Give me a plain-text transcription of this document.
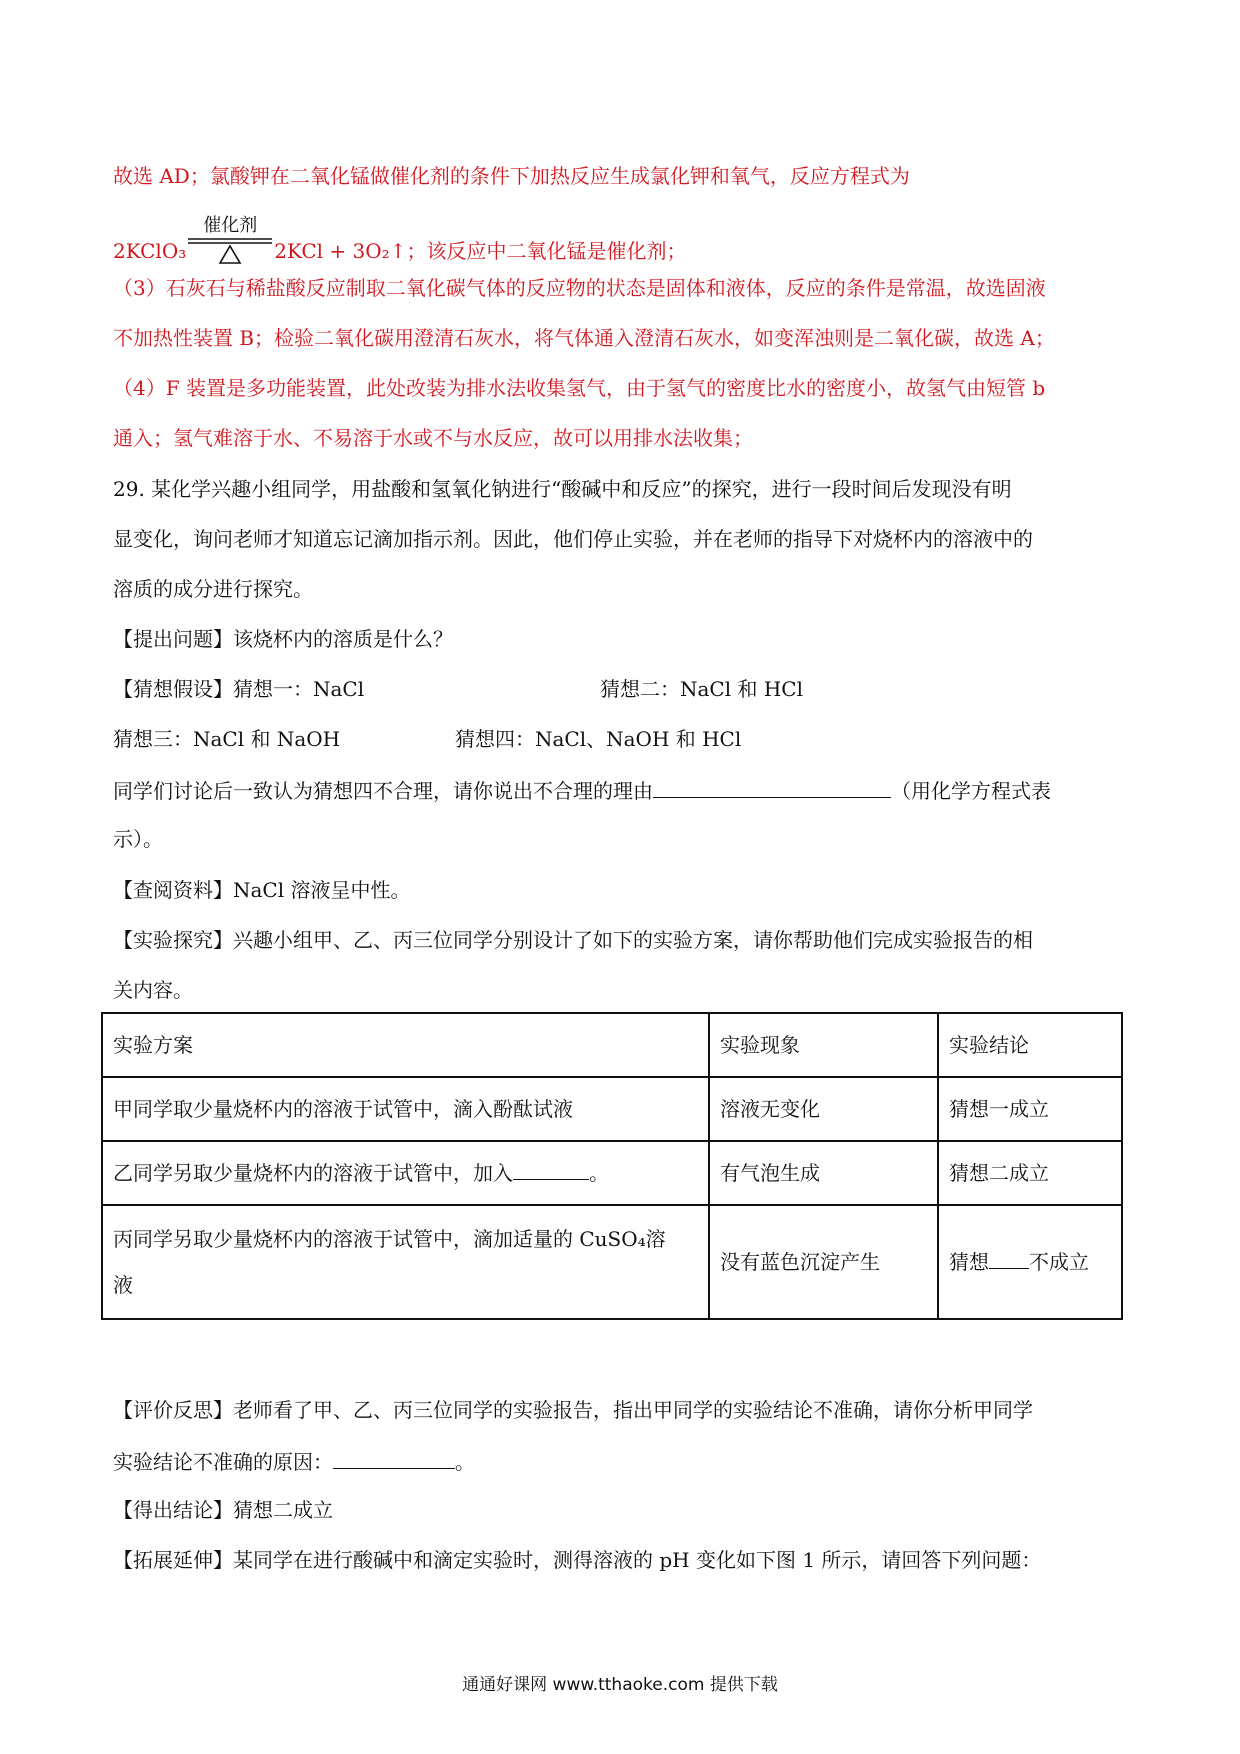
故选 AD；氯酸钾在二氧化锰做催化剂的条件下加热反应生成氯化钾和氧气，反应方程式为
2KClO₃
催化剂
2KCl + 3O₂↑；该反应中二氧化锰是催化剂；
（3）石灰石与稀盐酸反应制取二氧化碳气体的反应物的状态是固体和液体，反应的条件是常温，故选固液
不加热性装置 B；检验二氧化碳用澄清石灰水，将气体通入澄清石灰水，如变浑浊则是二氧化碳，故选 A；
（4）F 装置是多功能装置，此处改装为排水法收集氢气，由于氢气的密度比水的密度小，故氢气由短管 b
通入；氢气难溶于水、不易溶于水或不与水反应，故可以用排水法收集；
29. 某化学兴趣小组同学，用盐酸和氢氧化钠进行“酸碱中和反应”的探究，进行一段时间后发现没有明
显变化，询问老师才知道忘记滴加指示剂。因此，他们停止实验，并在老师的指导下对烧杯内的溶液中的
溶质的成分进行探究。
【提出问题】该烧杯内的溶质是什么？
【猜想假设】猜想一：NaCl	猜想二：NaCl 和 HCl
猜想三：NaCl 和 NaOH	猜想四：NaCl、NaOH 和 HCl
同学们讨论后一致认为猜想四不合理，请你说出不合理的理由	（用化学方程式表
示）。
【查阅资料】NaCl 溶液呈中性。
【实验探究】兴趣小组甲、乙、丙三位同学分别设计了如下的实验方案，请你帮助他们完成实验报告的相
关内容。
实验方案	实验现象	实验结论
甲同学取少量烧杯内的溶液于试管中，滴入酚酞试液	溶液无变化	猜想一成立
乙同学另取少量烧杯内的溶液于试管中，加入 。	有气泡生成	猜想二成立
丙同学另取少量烧杯内的溶液于试管中，滴加适量的 CuSO₄溶
液	没有蓝色沉淀产生	猜想 不成立
【评价反思】老师看了甲、乙、丙三位同学的实验报告，指出甲同学的实验结论不准确，请你分析甲同学
实验结论不准确的原因：	。
【得出结论】猜想二成立
【拓展延伸】某同学在进行酸碱中和滴定实验时，测得溶液的 pH 变化如下图 1 所示，请回答下列问题：
通通好课网 www.tthaoke.com 提供下载
